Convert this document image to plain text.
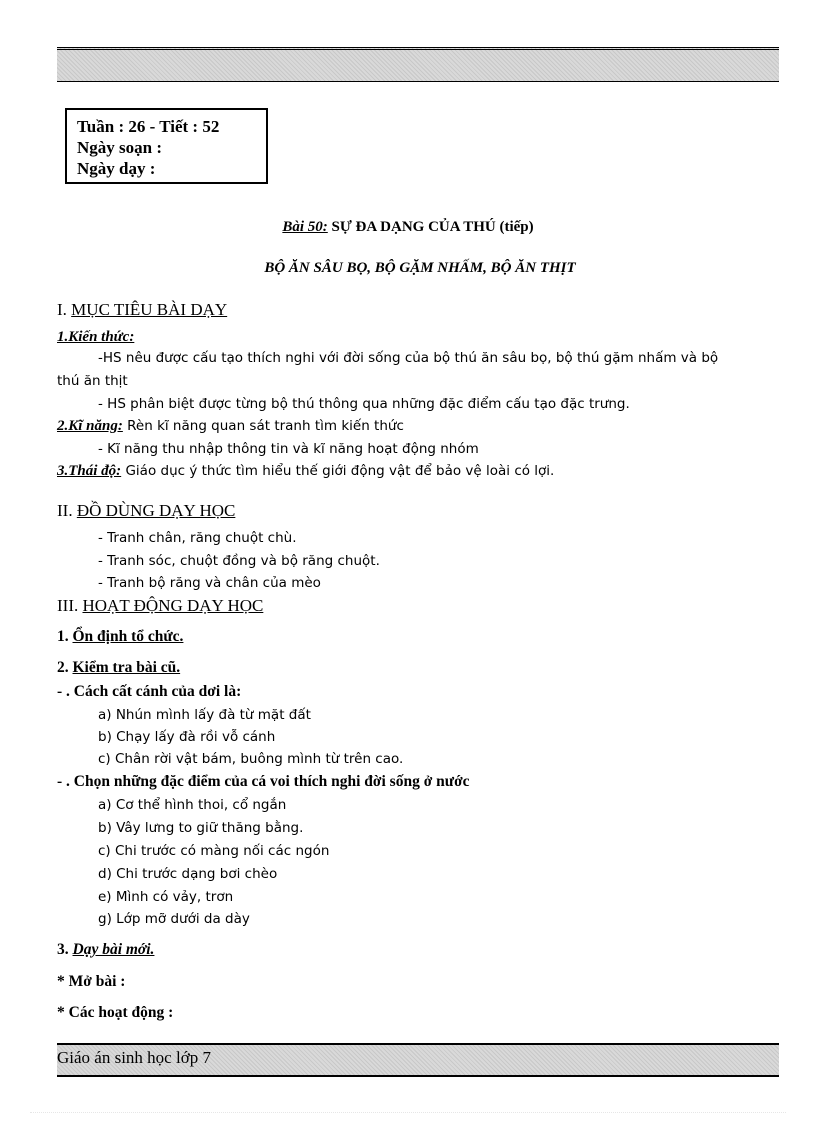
Tuần : 26 - Tiết : 52
Ngày soạn :
Ngày dạy :
Bài 50: SỰ ĐA DẠNG CỦA THÚ (tiếp)
BỘ ĂN SÂU BỌ, BỘ GẶM NHẤM, BỘ ĂN THỊT
I. MỤC TIÊU BÀI DẠY
1.Kiến thức:
-HS nêu được cấu tạo thích nghi với đời sống của bộ thú ăn sâu bọ, bộ thú gặm nhấm và bộ
thú ăn thịt
- HS phân biệt được từng bộ thú thông qua những đặc điểm cấu tạo đặc trưng.
2.Kĩ năng: Rèn kĩ năng quan sát tranh tìm kiến thức
- Kĩ năng thu nhập thông tin và kĩ năng hoạt động nhóm
3.Thái độ: Giáo dục ý thức tìm hiểu thế giới động vật để bảo vệ loài có lợi.
II. ĐỒ DÙNG DẠY HỌC
- Tranh chân, răng chuột chù.
- Tranh sóc, chuột đồng và bộ răng chuột.
- Tranh bộ răng và chân của mèo
III. HOẠT ĐỘNG DẠY HỌC
1. Ổn định tổ chức.
2. Kiểm tra bài cũ.
- . Cách cất cánh của dơi là:
a) Nhún mình lấy đà từ mặt đất
b) Chạy lấy đà rồi vỗ cánh
c) Chân rời vật bám, buông mình từ trên cao.
- . Chọn những đặc điểm của cá voi thích nghi đời sống ở nước
a) Cơ thể hình thoi, cổ ngắn
b) Vây lưng to giữ thăng bằng.
c) Chi trước có màng nối các ngón
d) Chi trước dạng bơi chèo
e) Mình có vảy, trơn
g) Lớp mỡ dưới da dày
3. Dạy bài mới.
* Mở bài :
* Các hoạt động :
Giáo án sinh học lớp 7
